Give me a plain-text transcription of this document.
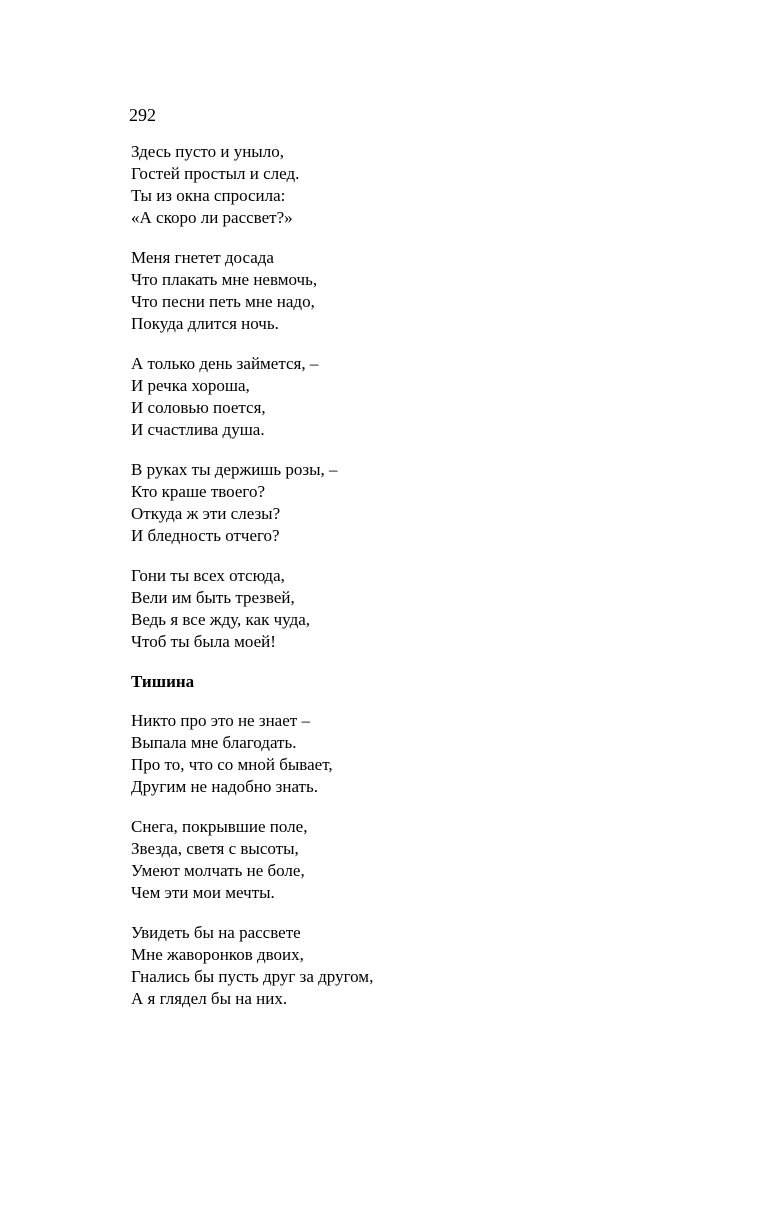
292
Здесь пусто и уныло,
Гостей простыл и след.
Ты из окна спросила:
«А скоро ли рассвет?»
Меня гнетет досада
Что плакать мне невмочь,
Что песни петь мне надо,
Покуда длится ночь.
А только день займется, –
И речка хороша,
И соловью поется,
И счастлива душа.
В руках ты держишь розы, –
Кто краше твоего?
Откуда ж эти слезы?
И бледность отчего?
Гони ты всех отсюда,
Вели им быть трезвей,
Ведь я все жду, как чуда,
Чтоб ты была моей!
Тишина
Никто про это не знает –
Выпала мне благодать.
Про то, что со мной бывает,
Другим не надобно знать.
Снега, покрывшие поле,
Звезда, светя с высоты,
Умеют молчать не боле,
Чем эти мои мечты.
Увидеть бы на рассвете
Мне жаворонков двоих,
Гнались бы пусть друг за другом,
А я глядел бы на них.
